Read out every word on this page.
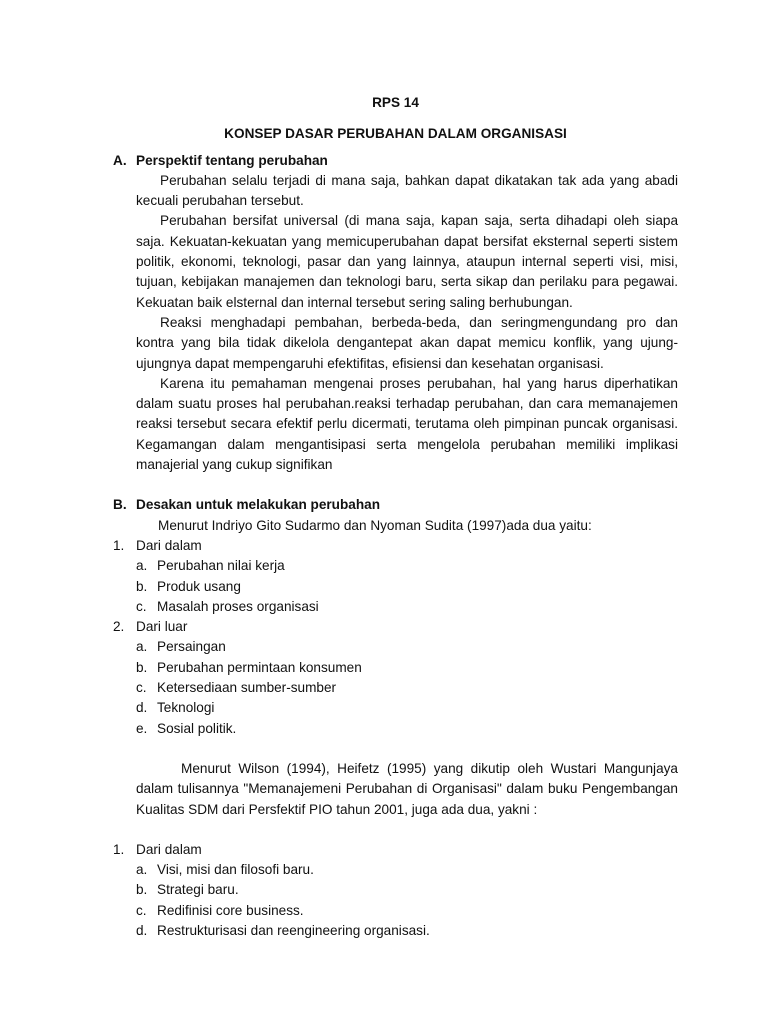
RPS 14

KONSEP DASAR PERUBAHAN DALAM ORGANISASI

A. Perspektif tentang perubahan

Perubahan selalu terjadi di mana saja, bahkan dapat dikatakan tak ada yang abadi kecuali perubahan tersebut.

Perubahan bersifat universal (di mana saja, kapan saja, serta dihadapi oleh siapa saja. Kekuatan-kekuatan yang memicuperubahan dapat bersifat eksternal seperti sistem politik, ekonomi, teknologi, pasar dan yang lainnya, ataupun internal seperti visi, misi, tujuan, kebijakan manajemen dan teknologi baru, serta sikap dan perilaku para pegawai. Kekuatan baik elsternal dan internal tersebut sering saling berhubungan.

Reaksi menghadapi pembahan, berbeda-beda, dan seringmengundang pro dan kontra yang bila tidak dikelola dengantepat akan dapat memicu konflik, yang ujung-ujungnya dapat mempengaruhi efektifitas, efisiensi dan kesehatan organisasi.

Karena itu pemahaman mengenai proses perubahan, hal yang harus diperhatikan dalam suatu proses hal perubahan.reaksi terhadap perubahan, dan cara memanajemen reaksi tersebut secara efektif perlu dicermati, terutama oleh pimpinan puncak organisasi. Kegamangan dalam mengantisipasi serta mengelola perubahan memiliki implikasi manajerial yang cukup signifikan

B. Desakan untuk melakukan perubahan

Menurut Indriyo Gito Sudarmo dan Nyoman Sudita (1997)ada dua yaitu:

1. Dari dalam
a. Perubahan nilai kerja
b. Produk usang
c. Masalah proses organisasi
2. Dari luar
a. Persaingan
b. Perubahan permintaan konsumen
c. Ketersediaan sumber-sumber
d. Teknologi
e. Sosial politik.

Menurut Wilson (1994), Heifetz (1995) yang dikutip oleh Wustari Mangunjaya dalam tulisannya "Memanajemeni Perubahan di Organisasi" dalam buku Pengembangan Kualitas SDM dari Persfektif PIO tahun 2001, juga ada dua, yakni :

1. Dari dalam
a. Visi, misi dan filosofi baru.
b. Strategi baru.
c. Redifinisi core business.
d. Restrukturisasi dan reengineering organisasi.
